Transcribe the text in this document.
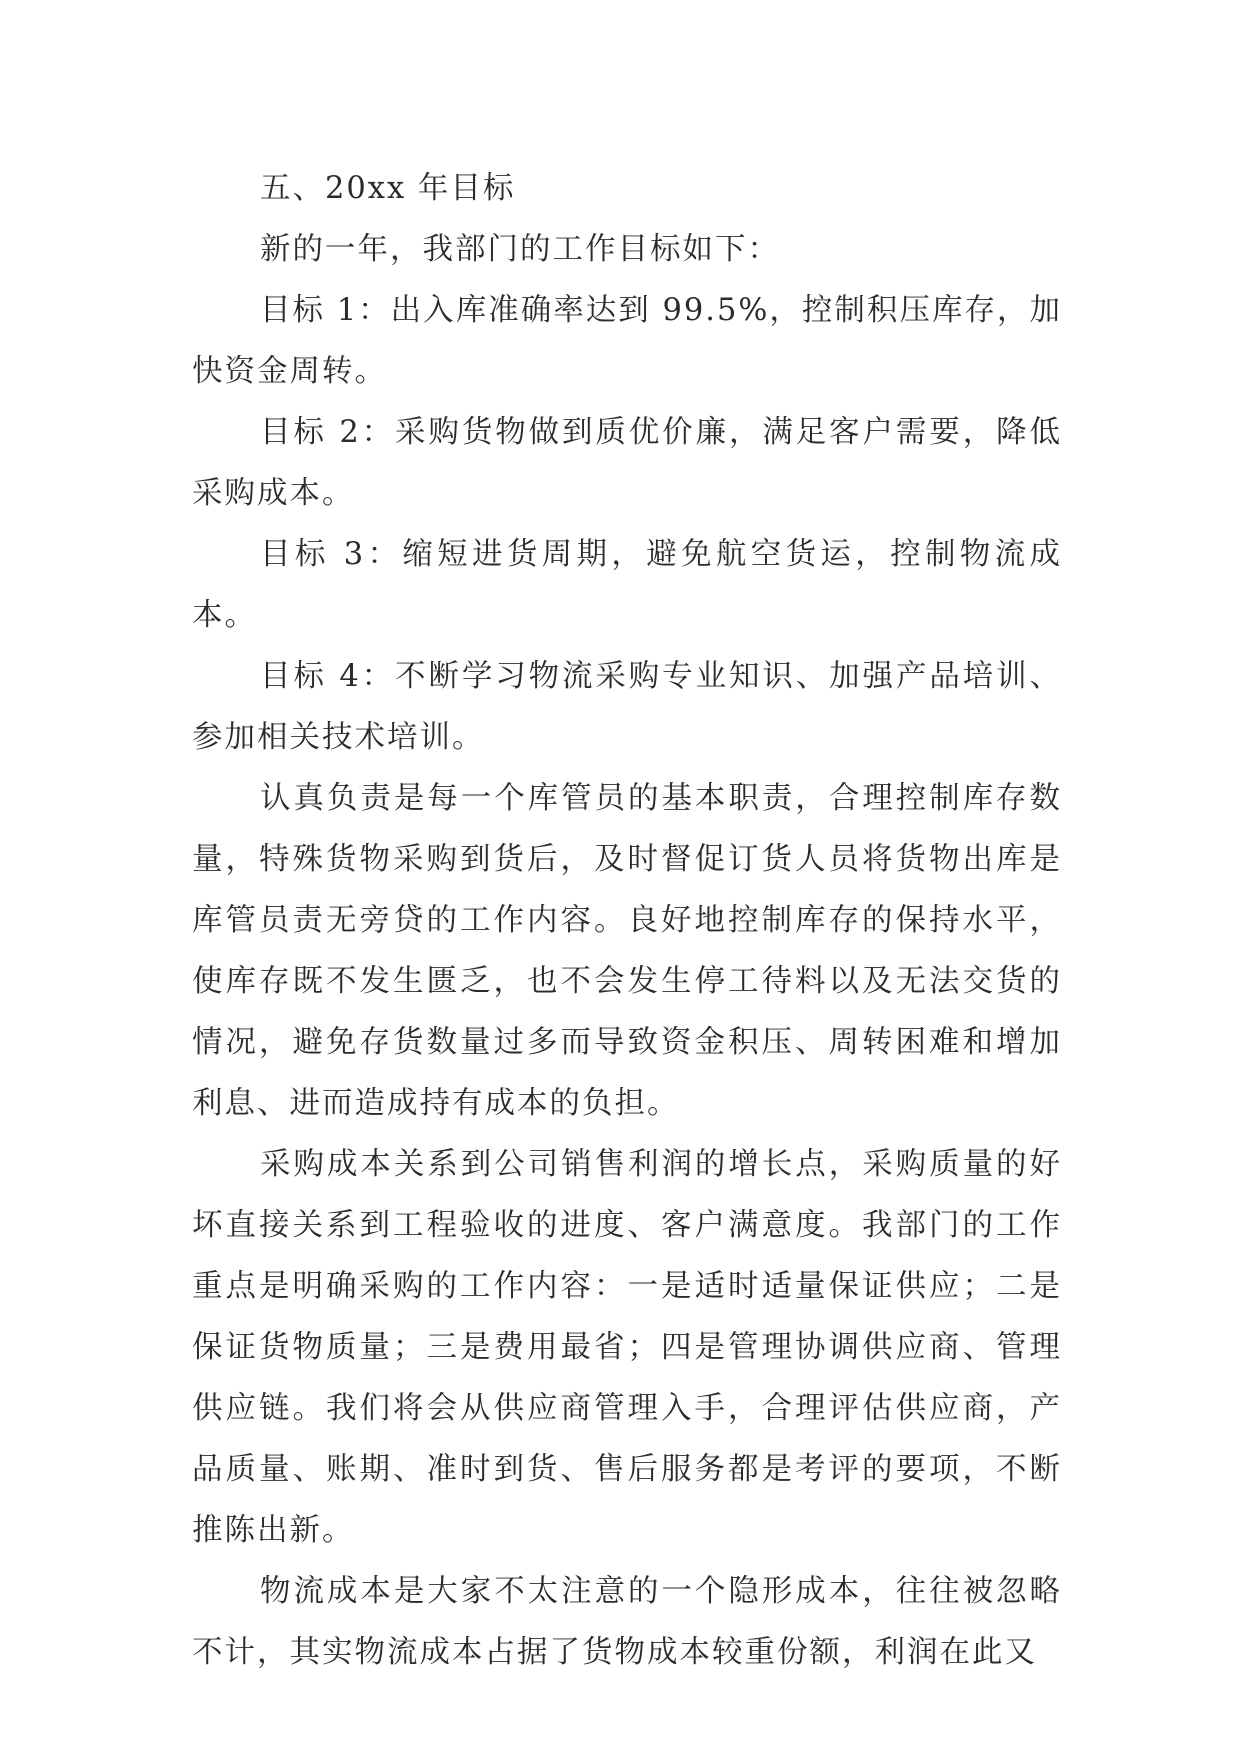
五、20xx 年目标

新的一年，我部门的工作目标如下：

目标 1：出入库准确率达到 99.5%，控制积压库存，加快资金周转。

目标 2：采购货物做到质优价廉，满足客户需要，降低采购成本。

目标 3：缩短进货周期，避免航空货运，控制物流成本。

目标 4：不断学习物流采购专业知识、加强产品培训、参加相关技术培训。

认真负责是每一个库管员的基本职责，合理控制库存数量，特殊货物采购到货后，及时督促订货人员将货物出库是库管员责无旁贷的工作内容。良好地控制库存的保持水平，使库存既不发生匮乏，也不会发生停工待料以及无法交货的情况，避免存货数量过多而导致资金积压、周转困难和增加利息、进而造成持有成本的负担。

采购成本关系到公司销售利润的增长点，采购质量的好坏直接关系到工程验收的进度、客户满意度。我部门的工作重点是明确采购的工作内容：一是适时适量保证供应；二是保证货物质量；三是费用最省；四是管理协调供应商、管理供应链。我们将会从供应商管理入手，合理评估供应商，产品质量、账期、准时到货、售后服务都是考评的要项，不断推陈出新。

物流成本是大家不太注意的一个隐形成本，往往被忽略不计，其实物流成本占据了货物成本较重份额，利润在此又
